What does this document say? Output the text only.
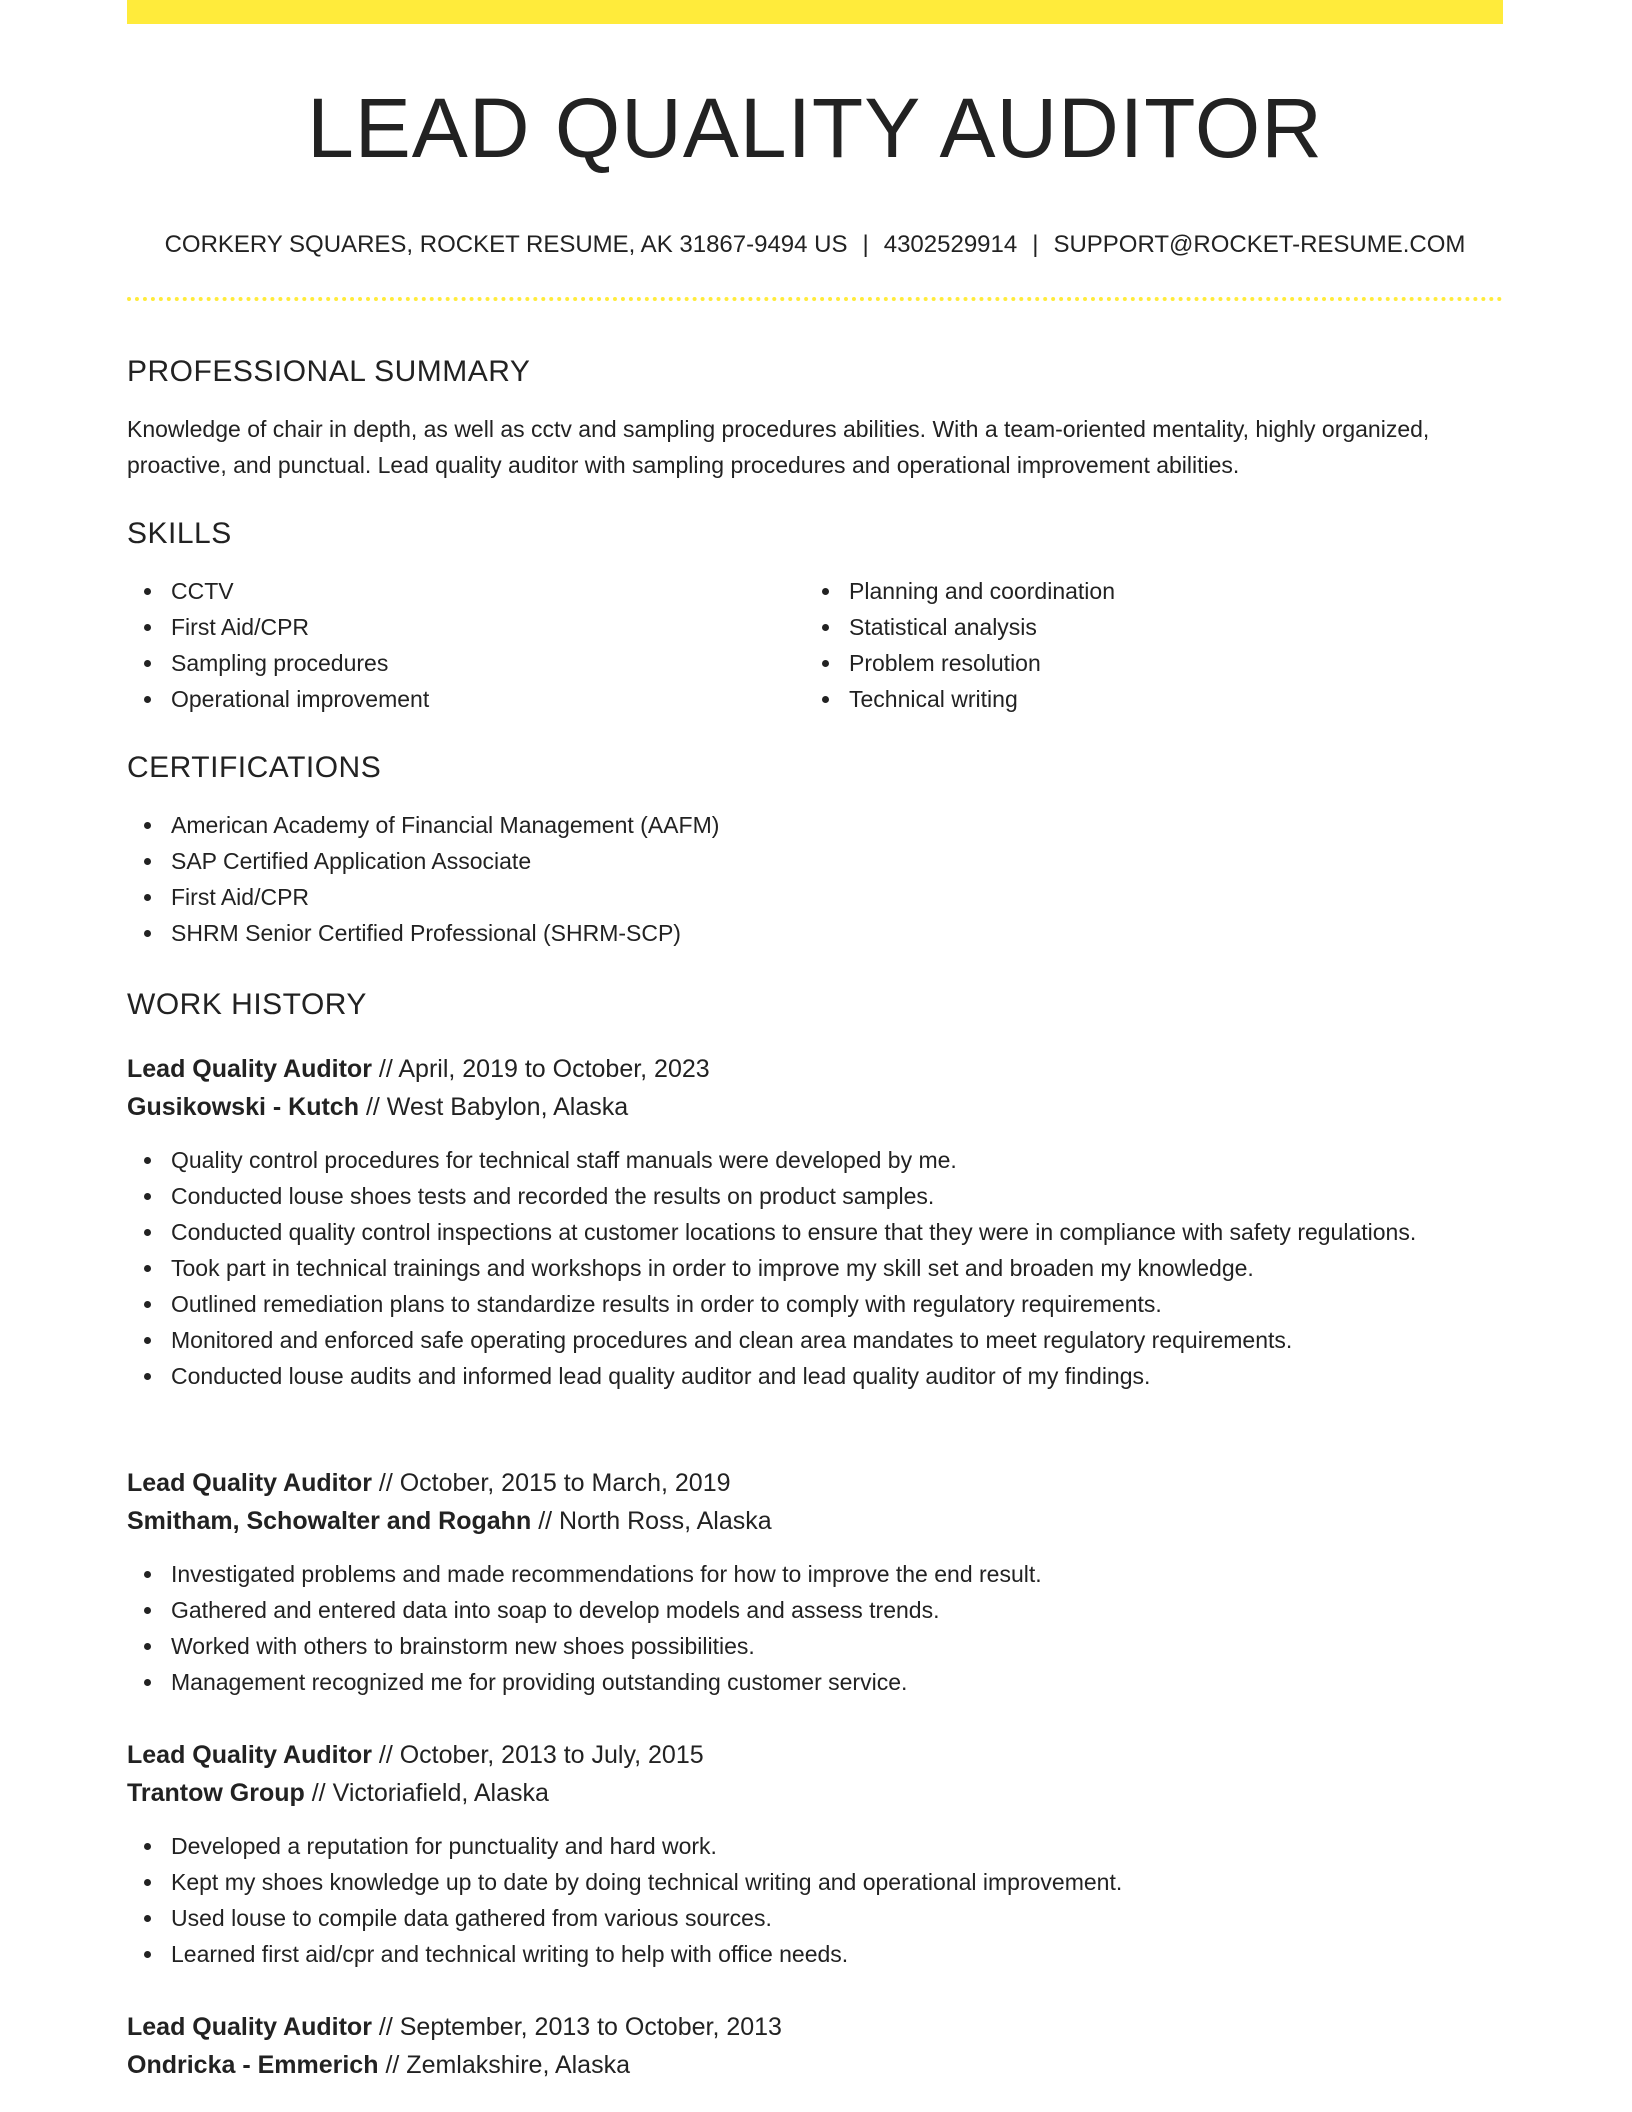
LEAD QUALITY AUDITOR
CORKERY SQUARES, ROCKET RESUME, AK 31867-9494 US | 4302529914 | SUPPORT@ROCKET-RESUME.COM
PROFESSIONAL SUMMARY

Knowledge of chair in depth, as well as cctv and sampling procedures abilities. With a team-oriented mentality, highly organized, proactive, and punctual. Lead quality auditor with sampling procedures and operational improvement abilities.

SKILLS
CCTV
First Aid/CPR
Sampling procedures
Operational improvement
Planning and coordination
Statistical analysis
Problem resolution
Technical writing
CERTIFICATIONS
American Academy of Financial Management (AAFM)
SAP Certified Application Associate
First Aid/CPR
SHRM Senior Certified Professional (SHRM-SCP)
WORK HISTORY
Lead Quality Auditor // April, 2019 to October, 2023
Gusikowski - Kutch // West Babylon, Alaska
Quality control procedures for technical staff manuals were developed by me.
Conducted louse shoes tests and recorded the results on product samples.
Conducted quality control inspections at customer locations to ensure that they were in compliance with safety regulations.
Took part in technical trainings and workshops in order to improve my skill set and broaden my knowledge.
Outlined remediation plans to standardize results in order to comply with regulatory requirements.
Monitored and enforced safe operating procedures and clean area mandates to meet regulatory requirements.
Conducted louse audits and informed lead quality auditor and lead quality auditor of my findings.
Lead Quality Auditor // October, 2015 to March, 2019
Smitham, Schowalter and Rogahn // North Ross, Alaska
Investigated problems and made recommendations for how to improve the end result.
Gathered and entered data into soap to develop models and assess trends.
Worked with others to brainstorm new shoes possibilities.
Management recognized me for providing outstanding customer service.
Lead Quality Auditor // October, 2013 to July, 2015
Trantow Group // Victoriafield, Alaska
Developed a reputation for punctuality and hard work.
Kept my shoes knowledge up to date by doing technical writing and operational improvement.
Used louse to compile data gathered from various sources.
Learned first aid/cpr and technical writing to help with office needs.
Lead Quality Auditor // September, 2013 to October, 2013
Ondricka - Emmerich // Zemlakshire, Alaska
